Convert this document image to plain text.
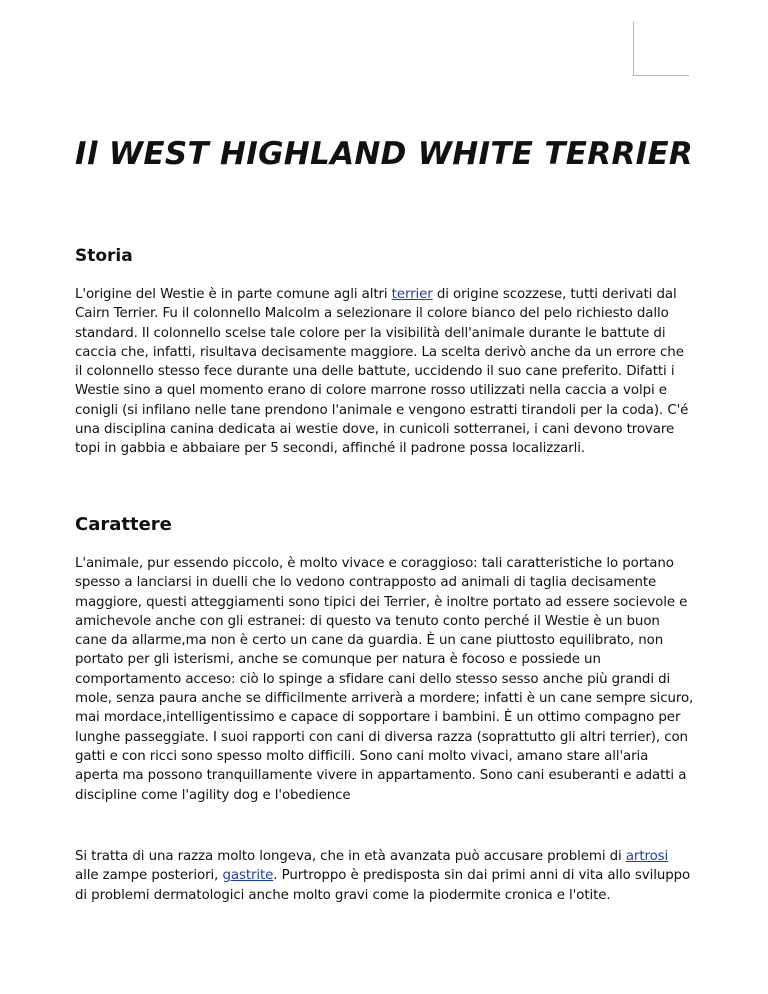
Il WEST HIGHLAND WHITE TERRIER
Storia

L'origine del Westie è in parte comune agli altri terrier di origine scozzese, tutti derivati dal Cairn Terrier. Fu il colonnello Malcolm a selezionare il colore bianco del pelo richiesto dallo standard. Il colonnello scelse tale colore per la visibilità dell'animale durante le battute di caccia che, infatti, risultava decisamente maggiore. La scelta derivò anche da un errore che il colonnello stesso fece durante una delle battute, uccidendo il suo cane preferito. Difatti i Westie sino a quel momento erano di colore marrone rosso utilizzati nella caccia a volpi e conigli (si infilano nelle tane prendono l'animale e vengono estratti tirandoli per la coda). C'é una disciplina canina dedicata ai westie dove, in cunicoli sotterranei, i cani devono trovare topi in gabbia e abbaiare per 5 secondi, affinché il padrone possa localizzarli.

Carattere

L'animale, pur essendo piccolo, è molto vivace e coraggioso: tali caratteristiche lo portano spesso a lanciarsi in duelli che lo vedono contrapposto ad animali di taglia decisamente maggiore, questi atteggiamenti sono tipici dei Terrier, è inoltre portato ad essere socievole e amichevole anche con gli estranei: di questo va tenuto conto perché il Westie è un buon cane da allarme,ma non è certo un cane da guardia. È un cane piuttosto equilibrato, non portato per gli isterismi, anche se comunque per natura è focoso e possiede un comportamento acceso: ciò lo spinge a sfidare cani dello stesso sesso anche più grandi di mole, senza paura anche se difficilmente arriverà a mordere; infatti è un cane sempre sicuro, mai mordace,intelligentissimo e capace di sopportare i bambini. È un ottimo compagno per lunghe passeggiate. I suoi rapporti con cani di diversa razza (soprattutto gli altri terrier), con gatti e con ricci sono spesso molto difficili. Sono cani molto vivaci, amano stare all'aria aperta ma possono tranquillamente vivere in appartamento. Sono cani esuberanti e adatti a discipline come l'agility dog e l'obedience

Si tratta di una razza molto longeva, che in età avanzata può accusare problemi di artrosi alle zampe posteriori, gastrite. Purtroppo è predisposta sin dai primi anni di vita allo sviluppo di problemi dermatologici anche molto gravi come la piodermite cronica e l'otite.
